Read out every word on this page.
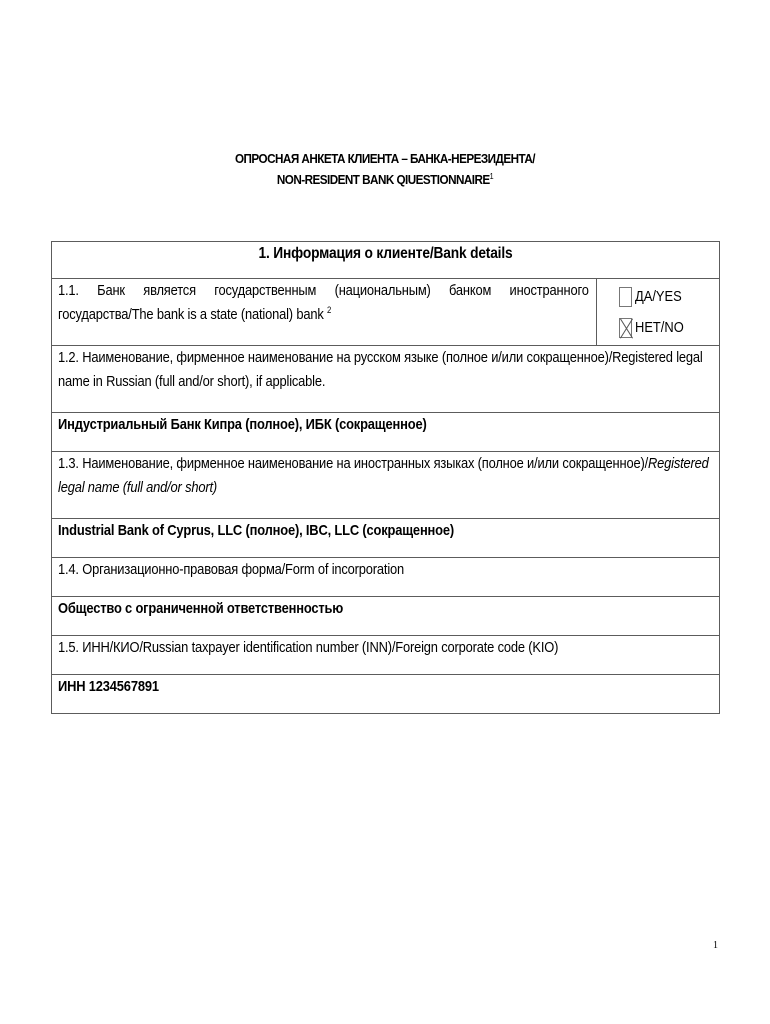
ОПРОСНАЯ АНКЕТА КЛИЕНТА – БАНКА-НЕРЕЗИДЕНТА/
NON-RESIDENT BANK QIUESTIONNAIRE$^1$
1. Информация о клиенте/Bank details

1.1. Банк является государственным (национальным) банком иностранного государства/The bank is a state (national) bank $^2$

ДА/YES
НЕТ/NO

1.2. Наименование, фирменное наименование на русском языке (полное и/или сокращенное)/Registered legal name in Russian (full and/or short), if applicable.

Индустриальный Банк Кипра (полное), ИБК (сокращенное)

1.3. Наименование, фирменное наименование на иностранных языках (полное и/или сокращенное)/Registered legal name (full and/or short)

Industrial Bank of Cyprus, LLC (полное), IBC, LLC (сокращенное)

1.4. Организационно-правовая форма/Form of incorporation

Общество с ограниченной ответственностью

1.5. ИНН/КИО/Russian taxpayer identification number (INN)/Foreign corporate code (KIO)

ИНН 1234567891
1
